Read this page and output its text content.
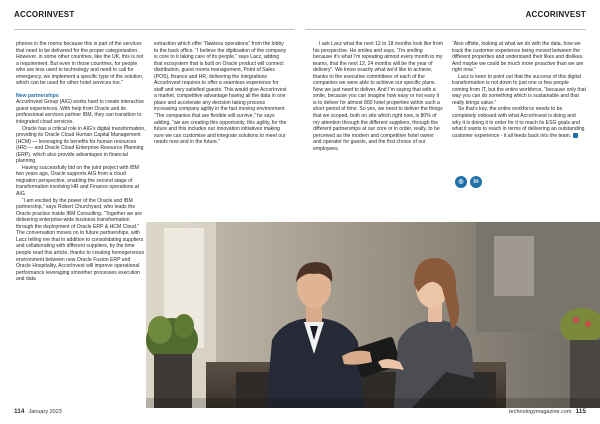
ACCORINVEST	ACCORINVEST

phones in the rooms because this is part of the services that need to be delivered for the proper categorisation. However, in some other countries, like the UK, this is not a requirement. But even in those countries, for people who are less used to technology and need to call for emergency, we implement a specific type of the solution, which can be used for other hotel services too.”

New partnerships

AccorInvest Group (AIG) works hard to create interactive guest experiences. With help from Oracle and its professional services partner IBM, they can transition to integrated cloud services.

Oracle has a critical role in AIG’s digital transformation, providing its Oracle Cloud Human Capital Management (HCM) — leveraging its benefits for human resources (HR) — and Oracle Cloud Enterprise Resource Planning (ERP), which also provide advantages in financial planning.

Having successfully bid on the joint project with IBM two years ago, Oracle supports AIG from a cloud migration perspective, enabling the second stage of transformation involving HR and Finance operations at AIG.

“I am excited by the power of the Oracle and IBM partnership,” says Robert Churchyard, who leads the Oracle practice inside IBM Consulting. “Together we are delivering enterprise-wide business transformation through the deployment of Oracle ERP & HCM Cloud.” The conversation moves on to future partnerships, with Lacz telling me that in addition to consolidating suppliers and collaborating with different suppliers, by the time people read this article, thanks to creating homogeneous environment between new Oracle Fusion ERP and Oracle Hospitality, AccorInvest will improve operational performance leveraging smoother processes execution and data

extraction which offer “flawless operations” from the lobby to the back office. “I believe the digitisation of the company is core to it taking care of its people,” says Lacz, adding that ecosystem that is built on Oracle product will connect distribution, guest rooms management, Point of Sales (POS), finance and HR, delivering the integrations AccorInvest requires to offer a seamless experience for staff and very satisfied guests. This would give AccorInvest a market, competitive advantage having all the data in one place and accelerate any decision taking process increasing company agility in the fast moving environment. “The companies that are flexible will survive,” he says adding, “we are creating this opportunity, this agility, for the future and this includes our innovation initiatives making sure we can customise and integrate solutions to meet our needs now and in the future.”

I ask Lacz what the next 12 to 18 months look like from his perspective. He smiles and says, “I’m smiling because it’s what I’m repeating almost every month to my teams, that the next 12, 24 months will be the year of delivery”. We know exactly what we’d like to achieve, thanks to the executive committees of each of the companies we were able to achieve our specific plans. Now we just need to deliver. And I’m saying that with a smile, because you can imagine how easy or not easy it is to deliver for almost 800 hotel properties within such a short period of time. So yes, we need to deliver the things that we scoped, both on site which right now, is 80% of my attention through the different suppliers, through the different partnerships at our core or in order, really, to be perceived as the modern and competitive hotel owner and operator for guests, and the first choice of our employees.

“Also offsite, looking at what we do with the data, how we track the customer experience being moved between the different properties and understand their likes and dislikes. And maybe we could be much more proactive than we are right now.”

Lacz is keen to point out that the success of this digital transformation is not down to just one or few people coming from IT, but the entire workforce, “because only that way you can do something which is sustainable and that really brings value.”

So that’s key, the entire workforce needs to be completely onboard with what AccorInvest is doing and why it is doing it in order for it to reach its ESG goals and what it wants to reach in terms of delivering an outstanding customer experience - it all feeds back into the team.

◎	in
114 January 2023	technologymagazine.com 115
